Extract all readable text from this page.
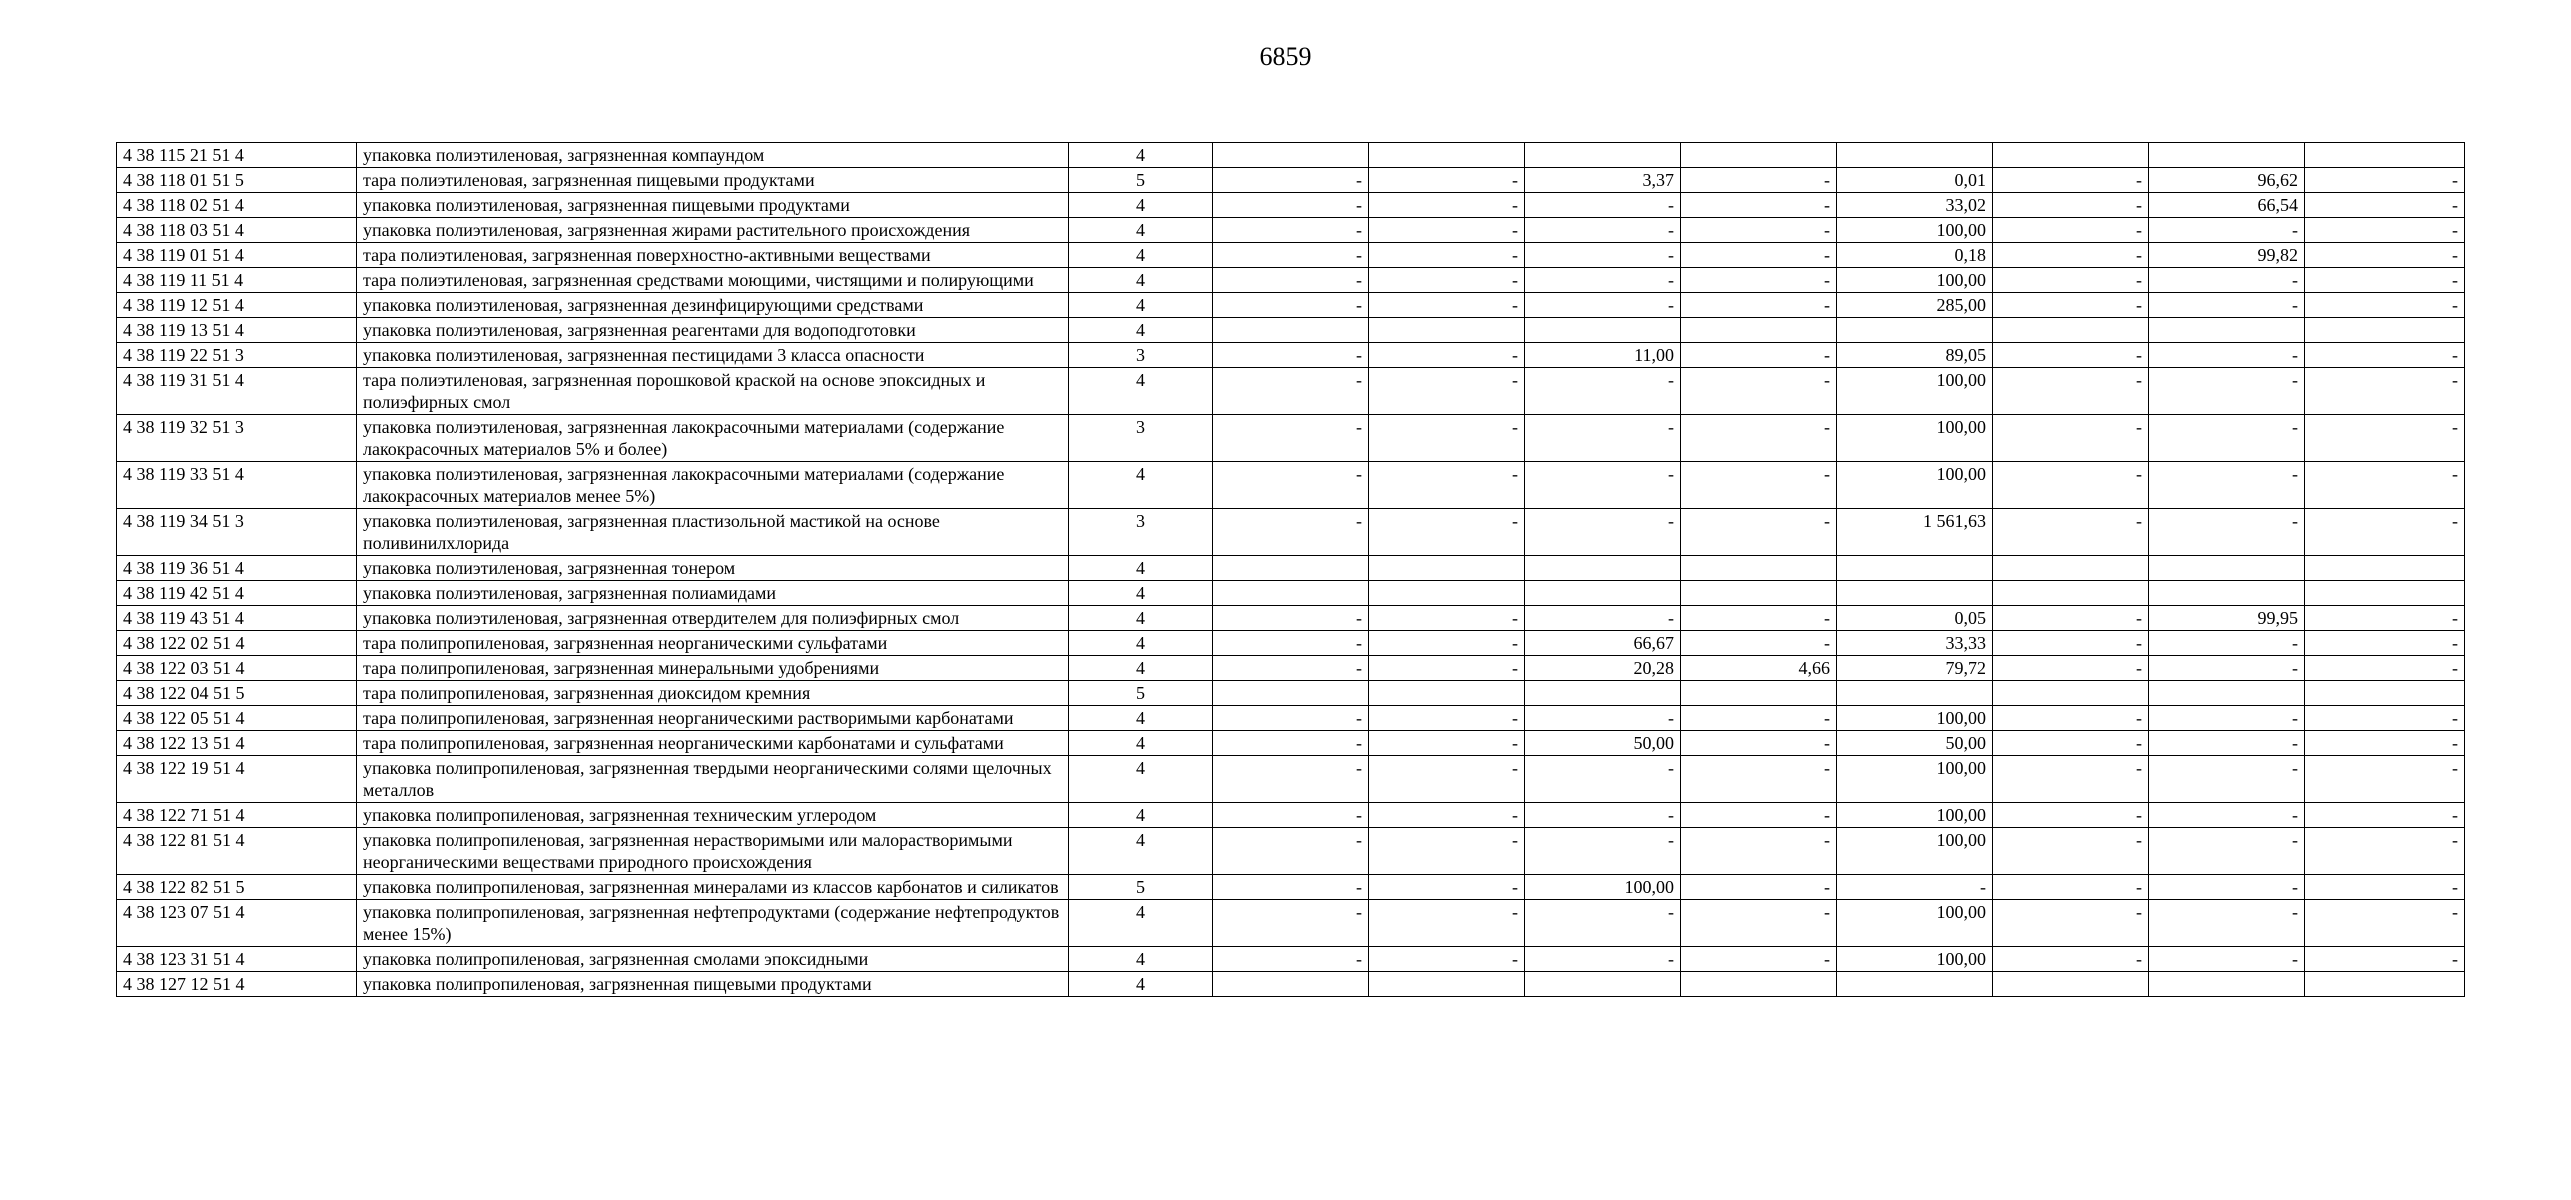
6859
4 38 115 21 51 4	упаковка полиэтиленовая, загрязненная компаундом	4								
4 38 118 01 51 5	тара полиэтиленовая, загрязненная пищевыми продуктами	5	-	-	3,37	-	0,01	-	96,62	-
4 38 118 02 51 4	упаковка полиэтиленовая, загрязненная пищевыми продуктами	4	-	-	-	-	33,02	-	66,54	-
4 38 118 03 51 4	упаковка полиэтиленовая, загрязненная жирами растительного происхождения	4	-	-	-	-	100,00	-	-	-
4 38 119 01 51 4	тара полиэтиленовая, загрязненная поверхностно-активными веществами	4	-	-	-	-	0,18	-	99,82	-
4 38 119 11 51 4	тара полиэтиленовая, загрязненная средствами моющими, чистящими и полирующими	4	-	-	-	-	100,00	-	-	-
4 38 119 12 51 4	упаковка полиэтиленовая, загрязненная дезинфицирующими средствами	4	-	-	-	-	285,00	-	-	-
4 38 119 13 51 4	упаковка полиэтиленовая, загрязненная реагентами для водоподготовки	4								
4 38 119 22 51 3	упаковка полиэтиленовая, загрязненная пестицидами 3 класса опасности	3	-	-	11,00	-	89,05	-	-	-
4 38 119 31 51 4	тара полиэтиленовая, загрязненная порошковой краской на основе эпоксидных и полиэфирных смол	4	-	-	-	-	100,00	-	-	-
4 38 119 32 51 3	упаковка полиэтиленовая, загрязненная лакокрасочными материалами (содержание лакокрасочных материалов 5% и более)	3	-	-	-	-	100,00	-	-	-
4 38 119 33 51 4	упаковка полиэтиленовая, загрязненная лакокрасочными материалами (содержание лакокрасочных материалов менее 5%)	4	-	-	-	-	100,00	-	-	-
4 38 119 34 51 3	упаковка полиэтиленовая, загрязненная пластизольной мастикой на основе поливинилхлорида	3	-	-	-	-	1 561,63	-	-	-
4 38 119 36 51 4	упаковка полиэтиленовая, загрязненная тонером	4								
4 38 119 42 51 4	упаковка полиэтиленовая, загрязненная полиамидами	4								
4 38 119 43 51 4	упаковка полиэтиленовая, загрязненная отвердителем для полиэфирных смол	4	-	-	-	-	0,05	-	99,95	-
4 38 122 02 51 4	тара полипропиленовая, загрязненная неорганическими сульфатами	4	-	-	66,67	-	33,33	-	-	-
4 38 122 03 51 4	тара полипропиленовая, загрязненная минеральными удобрениями	4	-	-	20,28	4,66	79,72	-	-	-
4 38 122 04 51 5	тара полипропиленовая, загрязненная диоксидом кремния	5								
4 38 122 05 51 4	тара полипропиленовая, загрязненная неорганическими растворимыми карбонатами	4	-	-	-	-	100,00	-	-	-
4 38 122 13 51 4	тара полипропиленовая, загрязненная неорганическими карбонатами и сульфатами	4	-	-	50,00	-	50,00	-	-	-
4 38 122 19 51 4	упаковка полипропиленовая, загрязненная твердыми неорганическими солями щелочных металлов	4	-	-	-	-	100,00	-	-	-
4 38 122 71 51 4	упаковка полипропиленовая, загрязненная техническим углеродом	4	-	-	-	-	100,00	-	-	-
4 38 122 81 51 4	упаковка полипропиленовая, загрязненная нерастворимыми или малорастворимыми неорганическими веществами природного происхождения	4	-	-	-	-	100,00	-	-	-
4 38 122 82 51 5	упаковка полипропиленовая, загрязненная минералами из классов карбонатов и силикатов	5	-	-	100,00	-	-	-	-	-
4 38 123 07 51 4	упаковка полипропиленовая, загрязненная нефтепродуктами (содержание нефтепродуктов менее 15%)	4	-	-	-	-	100,00	-	-	-
4 38 123 31 51 4	упаковка полипропиленовая, загрязненная смолами эпоксидными	4	-	-	-	-	100,00	-	-	-
4 38 127 12 51 4	упаковка полипропиленовая, загрязненная пищевыми продуктами	4								
